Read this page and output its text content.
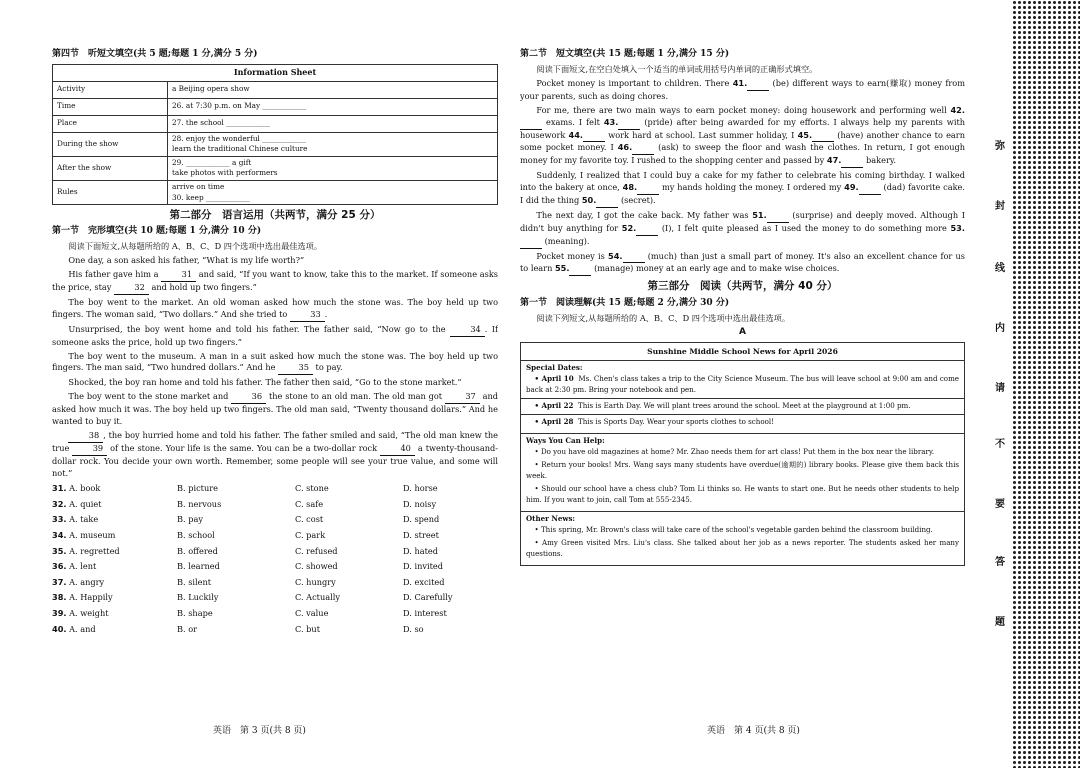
第四节　听短文填空(共 5 题;每题 1 分,满分 5 分)
Information Sheet	
Activity	a Beijing opera show

Time	26. at 7:30 p.m. on May ____________

Place	27. the school ____________

During the show	28. enjoy the wonderful ____________
learn the traditional Chinese culture

After the show	29. ____________ a gift
take photos with performers

Rules	arrive on time
30. keep ____________
第二部分　语言运用（共两节，满分 25 分）
第一节　完形填空(共 10 题;每题 1 分,满分 10 分)
阅读下面短文,从每题所给的 A、B、C、D 四个选项中选出最佳选项。
One day, a son asked his father, “What is my life worth?”
His father gave him a 31 and said, “If you want to know, take this to the market. If someone asks the price, stay 32 and hold up two fingers.”
The boy went to the market. An old woman asked how much the stone was. The boy held up two fingers. The woman said, “Two dollars.” And she tried to 33 .
Unsurprised, the boy went home and told his father. The father said, “Now go to the 34 . If someone asks the price, hold up two fingers.”
The boy went to the museum. A man in a suit asked how much the stone was. The boy held up two fingers. The man said, “Two hundred dollars.” And he 35 to pay.
Shocked, the boy ran home and told his father. The father then said, “Go to the stone market.”
The boy went to the stone market and 36 the stone to an old man. The old man got 37 and asked how much it was. The boy held up two fingers. The old man said, “Twenty thousand dollars.” And he wanted to buy it.
38 , the boy hurried home and told his father. The father smiled and said, “The old man knew the true 39 of the stone. Your life is the same. You can be a two-dollar rock 40 a twenty-thousand-dollar rock. You decide your own worth. Remember, some people will see your true value, and some will not.”
31. A. book	B. picture	C. stone	D. horse
32. A. quiet	B. nervous	C. safe	D. noisy
33. A. take	B. pay	C. cost	D. spend
34. A. museum	B. school	C. park	D. street
35. A. regretted	B. offered	C. refused	D. hated
36. A. lent	B. learned	C. showed	D. invited
37. A. angry	B. silent	C. hungry	D. excited
38. A. Happily	B. Luckily	C. Actually	D. Carefully
39. A. weight	B. shape	C. value	D. interest
40. A. and	B. or	C. but	D. so
第二节　短文填空(共 15 题;每题 1 分,满分 15 分)
阅读下面短文,在空白处填入一个适当的单词或用括号内单词的正确形式填空。
Pocket money is important to children. There 41.	(be) different ways to earn(赚取) money from your parents, such as doing chores.
For me, there are two main ways to earn pocket money: doing housework and performing well 42.  exams. I felt 43.	(pride) after being awarded for my efforts. I always help my parents with housework 44.	work hard at school. Last summer holiday, I 45.	(have) another chance to earn some pocket money. I 46.	(ask) to sweep the floor and wash the clothes. In return, I got enough money for my favorite toy. I rushed to the shopping center and passed by 47.	bakery.
Suddenly, I realized that I could buy a cake for my father to celebrate his coming birthday. I walked into the bakery at once, 48.	my hands holding the money. I ordered my 49.	(dad) favorite cake. I did the thing 50.	(secret).
The next day, I got the cake back. My father was 51.	(surprise) and deeply moved. Although I didn't buy anything for 52.	(I), I felt quite pleased as I used the money to do something more 53.  (meaning).
Pocket money is 54.	(much) than just a small part of money. It's also an excellent chance for us to learn 55.	(manage) money at an early age and to make wise choices.
第三部分　阅读（共两节，满分 40 分）
第一节　阅读理解(共 15 题;每题 2 分,满分 30 分)
阅读下列短文,从每题所给的 A、B、C、D 四个选项中选出最佳选项。
A
Sunshine Middle School News for April 2026
Special Dates:
• April 10 Ms. Chen's class takes a trip to the City Science Museum. The bus will leave school at 9:00 am and come back at 2:30 pm. Bring your notebook and pen.
• April 22 This is Earth Day. We will plant trees around the school. Meet at the playground at 1:00 pm.
• April 28 This is Sports Day. Wear your sports clothes to school!
Ways You Can Help:
• Do you have old magazines at home? Mr. Zhao needs them for art class! Put them in the box near the library.
• Return your books! Mrs. Wang says many students have overdue(逾期的) library books. Please give them back this week.
• Should our school have a chess club? Tom Li thinks so. He wants to start one. But he needs other students to help him. If you want to join, call Tom at 555-2345.
Other News:
• This spring, Mr. Brown's class will take care of the school's vegetable garden behind the classroom building.
• Amy Green visited Mrs. Liu's class. She talked about her job as a news reporter. The students asked her many questions.
英语　第 3 页(共 8 页)	英语　第 4 页(共 8 页)
弥
封
线
内
请
不
要
答
题
